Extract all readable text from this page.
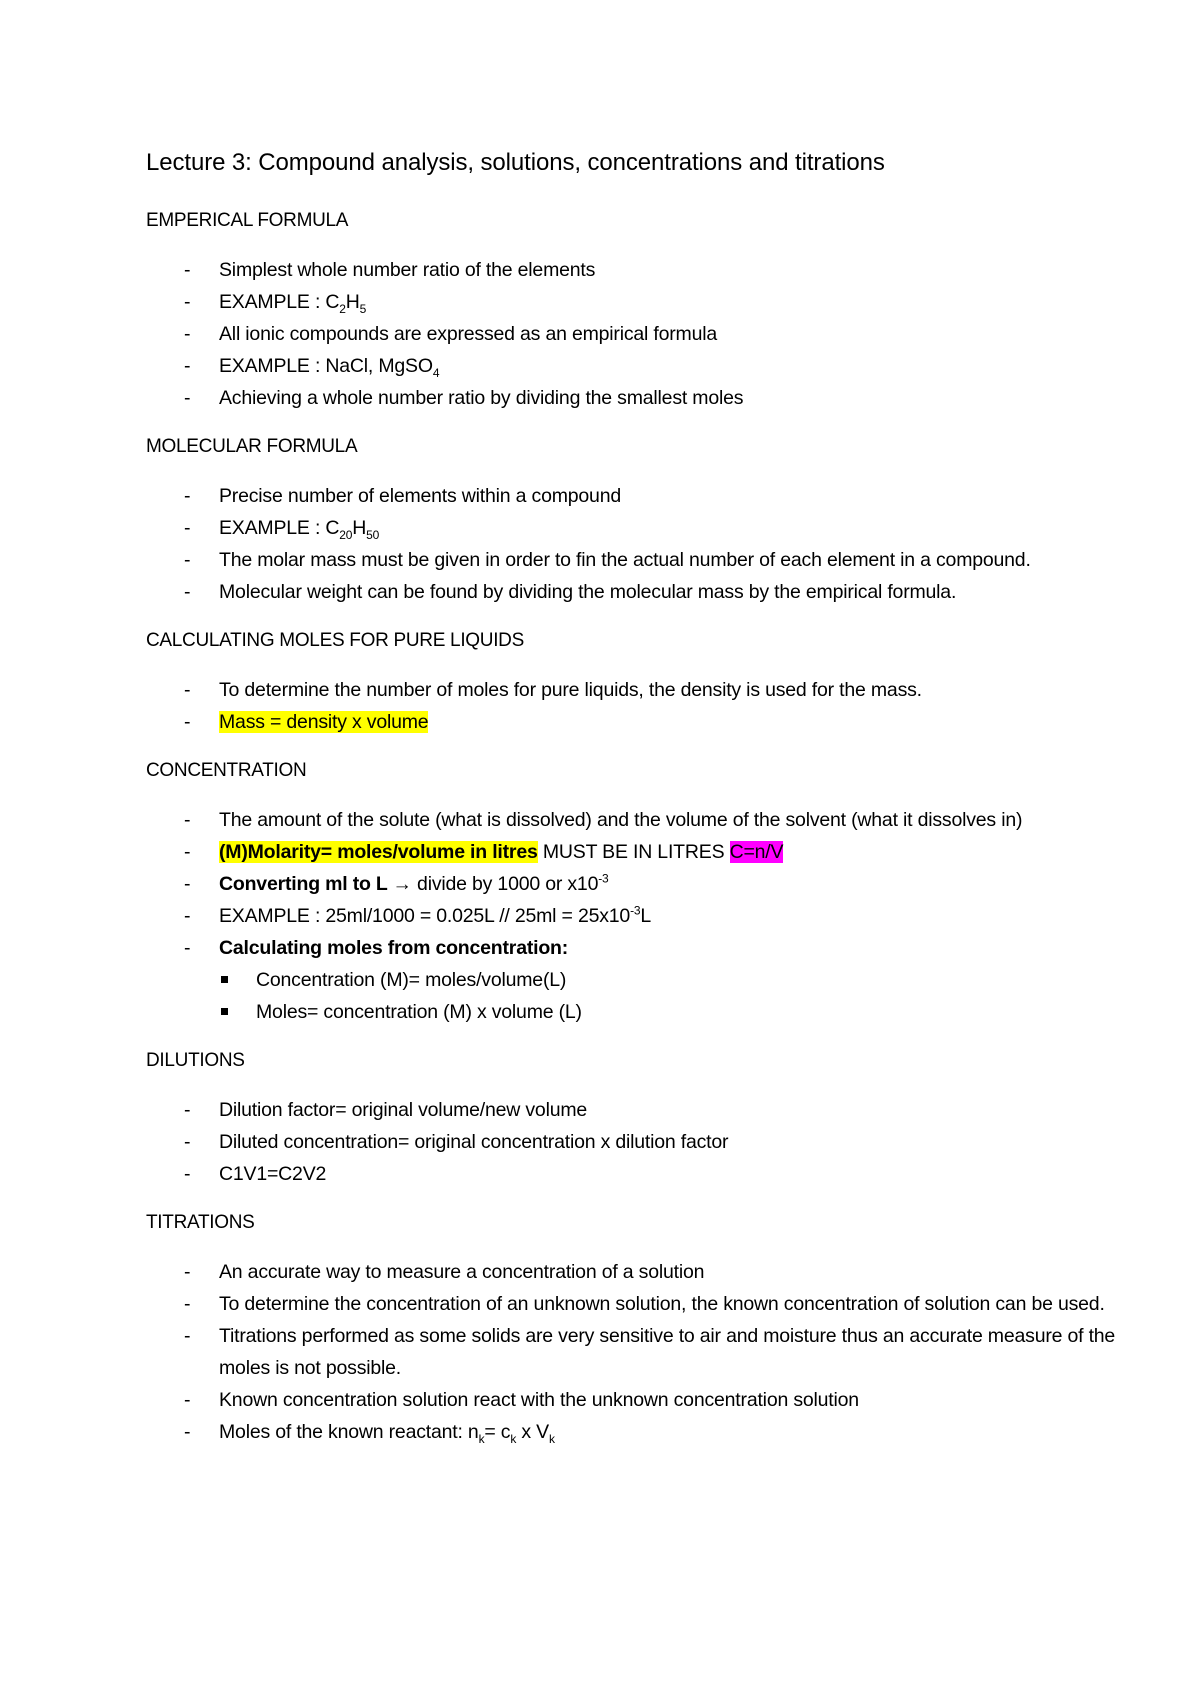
Lecture 3: Compound analysis, solutions, concentrations and titrations
EMPERICAL FORMULA
- Simplest whole number ratio of the elements
- EXAMPLE : $C_2H_5$
- All ionic compounds are expressed as an empirical formula
- EXAMPLE : NaCl, MgSO$_4$
- Achieving a whole number ratio by dividing the smallest moles
MOLECULAR FORMULA
- Precise number of elements within a compound
- EXAMPLE : $C_{20}H_{50}$
- The molar mass must be given in order to fin the actual number of each element in a compound.
- Molecular weight can be found by dividing the molecular mass by the empirical formula.
CALCULATING MOLES FOR PURE LIQUIDS
- To determine the number of moles for pure liquids, the density is used for the mass.
- Mass = density x volume
CONCENTRATION
- The amount of the solute (what is dissolved) and the volume of the solvent (what it dissolves in)
- (M)Molarity= moles/volume in litres MUST BE IN LITRES C=n/V
- Converting ml to L → divide by 1000 or $x10^{-3}$
- EXAMPLE : $25ml/1000 = 0.025L // 25ml = 25x10^{-3}L$
- Calculating moles from concentration:
Concentration (M)= moles/volume(L)
Moles= concentration (M) x volume (L)
DILUTIONS
- Dilution factor= original volume/new volume
- Diluted concentration= original concentration x dilution factor
- C1V1=C2V2
TITRATIONS
- An accurate way to measure a concentration of a solution
- To determine the concentration of an unknown solution, the known concentration of solution can be used.
- Titrations performed as some solids are very sensitive to air and moisture thus an accurate measure of the moles is not possible.
- Known concentration solution react with the unknown concentration solution
- Moles of the known reactant: $n_k= c_k$ x $V_k$
